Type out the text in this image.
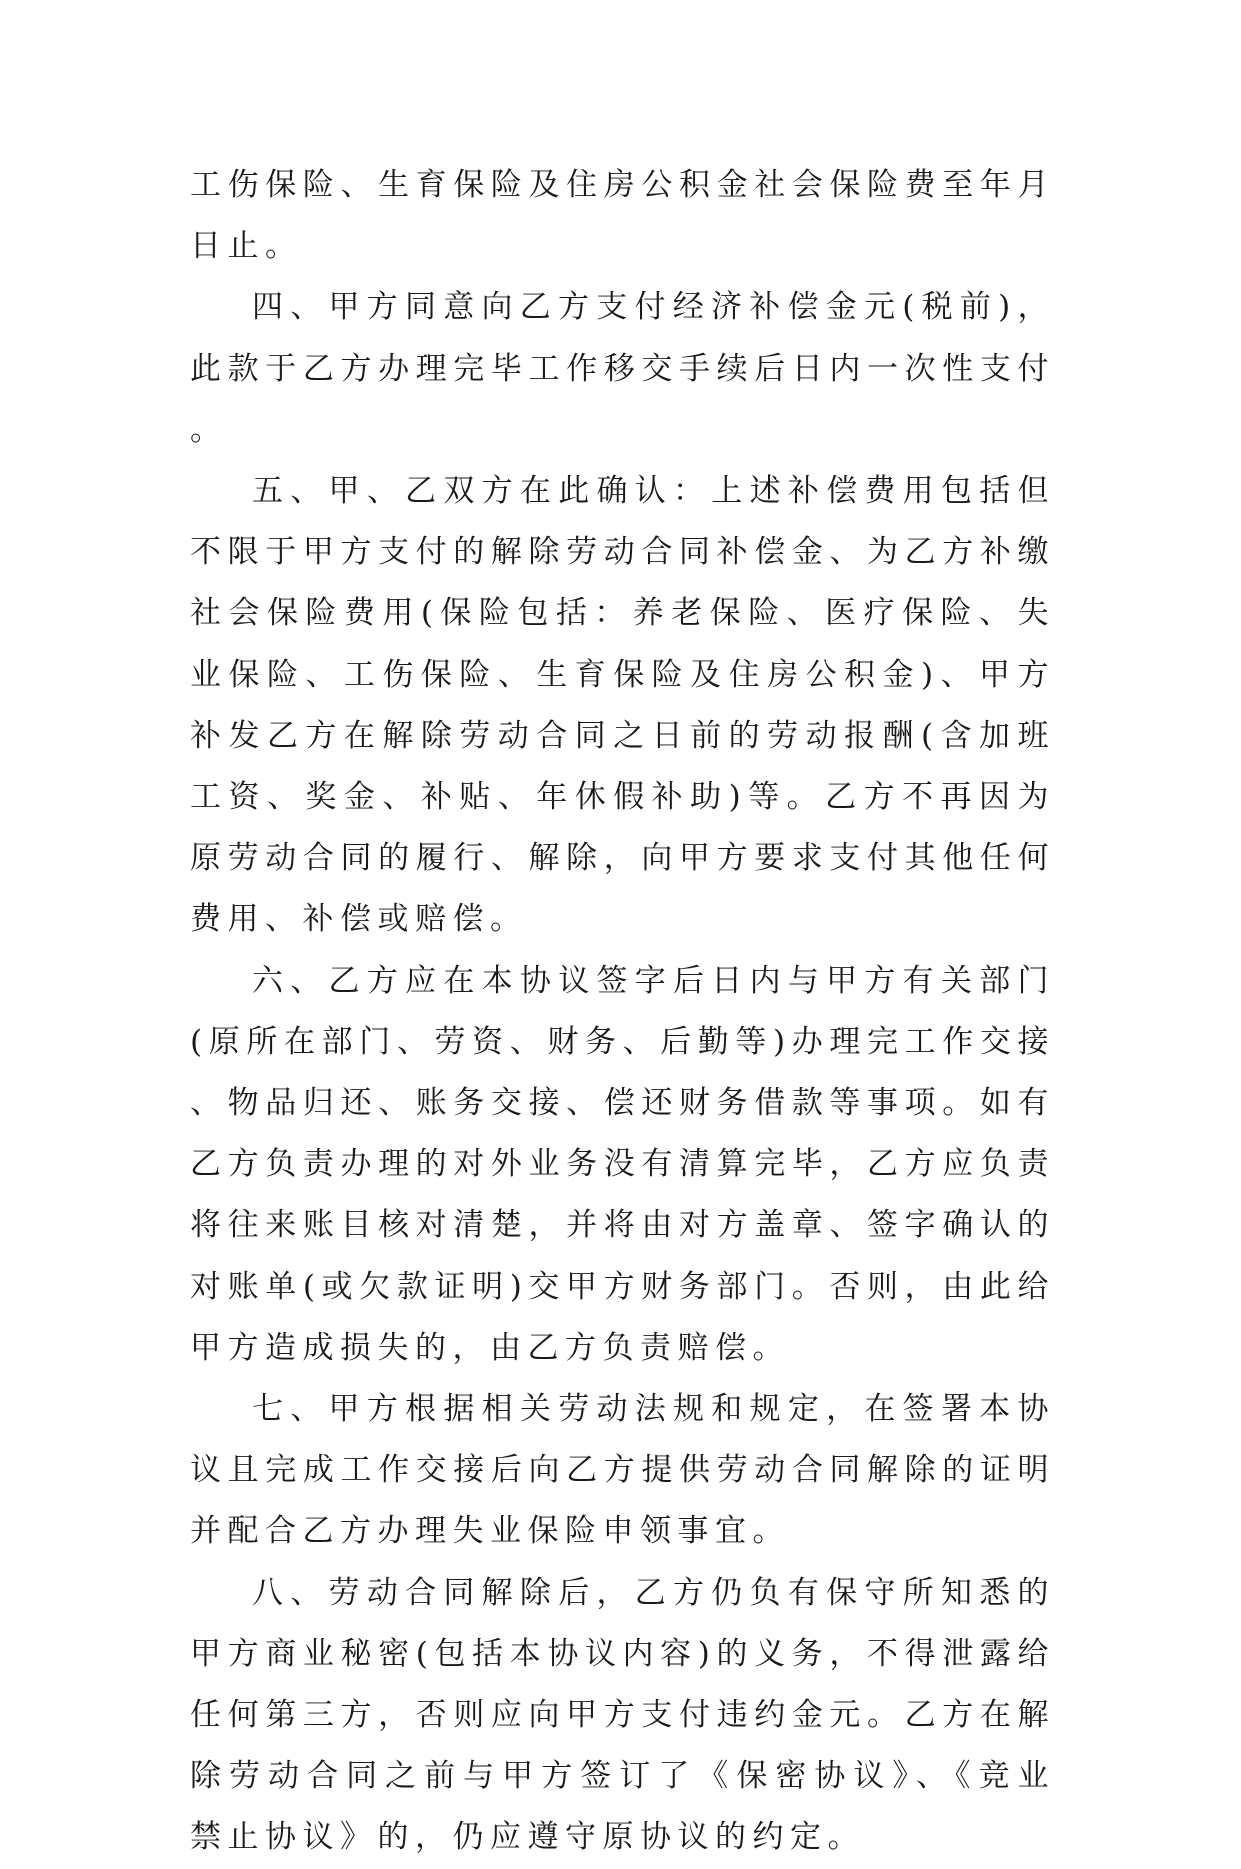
工伤保险、生育保险及住房公积金社会保险费至年月日止。

四、甲方同意向乙方支付经济补偿金元(税前)，此款于乙方办理完毕工作移交手续后日内一次性支付。

五、甲、乙双方在此确认：上述补偿费用包括但不限于甲方支付的解除劳动合同补偿金、为乙方补缴社会保险费用(保险包括：养老保险、医疗保险、失业保险、工伤保险、生育保险及住房公积金)、甲方补发乙方在解除劳动合同之日前的劳动报酬(含加班工资、奖金、补贴、年休假补助)等。乙方不再因为原劳动合同的履行、解除，向甲方要求支付其他任何费用、补偿或赔偿。

六、乙方应在本协议签字后日内与甲方有关部门(原所在部门、劳资、财务、后勤等)办理完工作交接、物品归还、账务交接、偿还财务借款等事项。如有乙方负责办理的对外业务没有清算完毕，乙方应负责将往来账目核对清楚，并将由对方盖章、签字确认的对账单(或欠款证明)交甲方财务部门。否则，由此给甲方造成损失的，由乙方负责赔偿。

七、甲方根据相关劳动法规和规定，在签署本协议且完成工作交接后向乙方提供劳动合同解除的证明并配合乙方办理失业保险申领事宜。

八、劳动合同解除后，乙方仍负有保守所知悉的甲方商业秘密(包括本协议内容)的义务，不得泄露给任何第三方，否则应向甲方支付违约金元。乙方在解除劳动合同之前与甲方签订了《保密协议》、《竞业禁止协议》的，仍应遵守原协议的约定。
